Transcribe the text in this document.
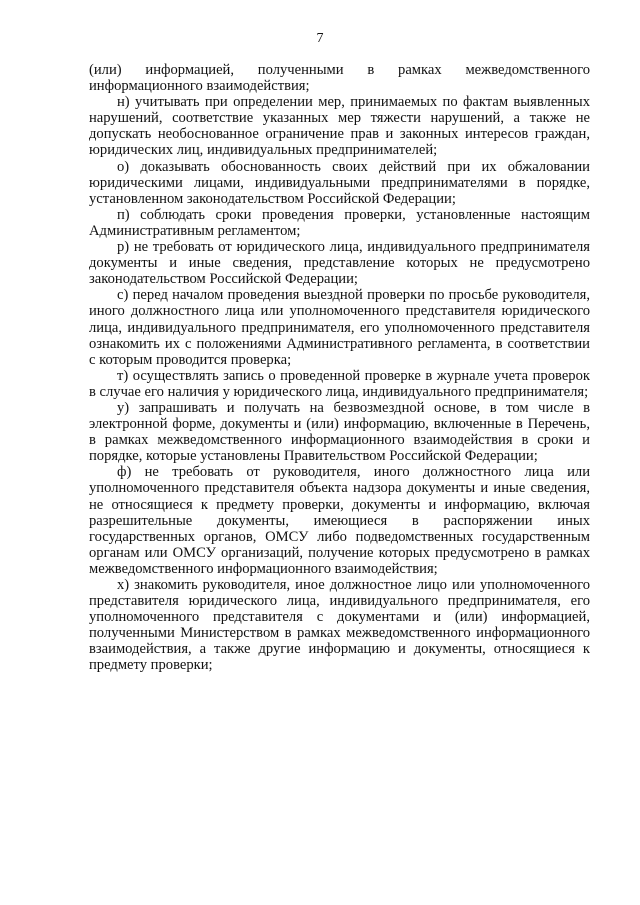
7

(или) информацией, полученными в рамках межведомственного информационного взаимодействия;

н) учитывать при определении мер, принимаемых по фактам выявленных нарушений, соответствие указанных мер тяжести нарушений, а также не допускать необоснованное ограничение прав и законных интересов граждан, юридических лиц, индивидуальных предпринимателей;

о) доказывать обоснованность своих действий при их обжаловании юридическими лицами, индивидуальными предпринимателями в порядке, установленном законодательством Российской Федерации;

п) соблюдать сроки проведения проверки, установленные настоящим Административным регламентом;

р) не требовать от юридического лица, индивидуального предпринимателя документы и иные сведения, представление которых не предусмотрено законодательством Российской Федерации;

с) перед началом проведения выездной проверки по просьбе руководителя, иного должностного лица или уполномоченного представителя юридического лица, индивидуального предпринимателя, его уполномоченного представителя ознакомить их с положениями Административного регламента, в соответствии с которым проводится проверка;

т) осуществлять запись о проведенной проверке в журнале учета проверок в случае его наличия у юридического лица, индивидуального предпринимателя;

у) запрашивать и получать на безвозмездной основе, в том числе в электронной форме, документы и (или) информацию, включенные в Перечень, в рамках межведомственного информационного взаимодействия в сроки и порядке, которые установлены Правительством Российской Федерации;

ф) не требовать от руководителя, иного должностного лица или уполномоченного представителя объекта надзора документы и иные сведения, не относящиеся к предмету проверки, документы и информацию, включая разрешительные документы, имеющиеся в распоряжении иных государственных органов, ОМСУ либо подведомственных государственным органам или ОМСУ организаций, получение которых предусмотрено в рамках межведомственного информационного взаимодействия;

х) знакомить руководителя, иное должностное лицо или уполномоченного представителя юридического лица, индивидуального предпринимателя, его уполномоченного представителя с документами и (или) информацией, полученными Министерством в рамках межведомственного информационного взаимодействия, а также другие информацию и документы, относящиеся к предмету проверки;
